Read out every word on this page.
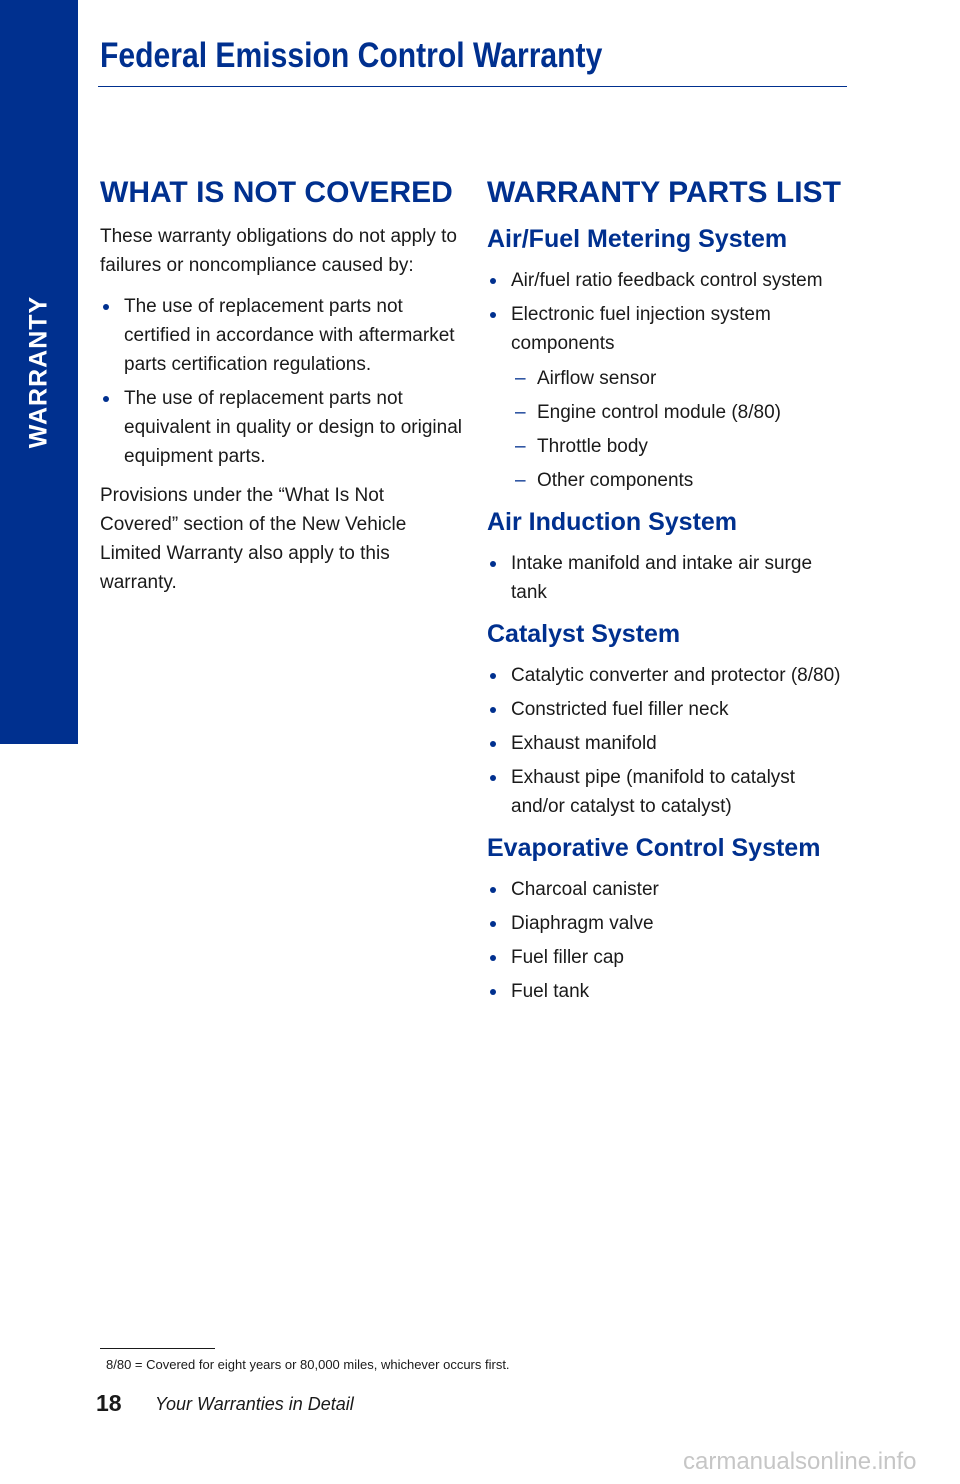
WARRANTY
Federal Emission Control Warranty
WHAT IS NOT COVERED

These warranty obligations do not apply to failures or noncompliance caused by:

The use of replacement parts not certified in accordance with aftermarket parts certification regulations.
The use of replacement parts not equivalent in quality or design to original equipment parts.

Provisions under the “What Is Not Covered” section of the New Vehicle Limited Warranty also apply to this warranty.

WARRANTY PARTS LIST
Air/Fuel Metering System
Air/fuel ratio feedback control system
Electronic fuel injection system components
– Airflow sensor
– Engine control module (8/80)
– Throttle body
– Other components
Air Induction System
Intake manifold and intake air surge tank
Catalyst System
Catalytic converter and protector (8/80)
Constricted fuel filler neck
Exhaust manifold
Exhaust pipe (manifold to catalyst and/or catalyst to catalyst)
Evaporative Control System
Charcoal canister
Diaphragm valve
Fuel filler cap
Fuel tank
8/80 = Covered for eight years or 80,000 miles, whichever occurs first.
18 Your Warranties in Detail
carmanualsonline.info
